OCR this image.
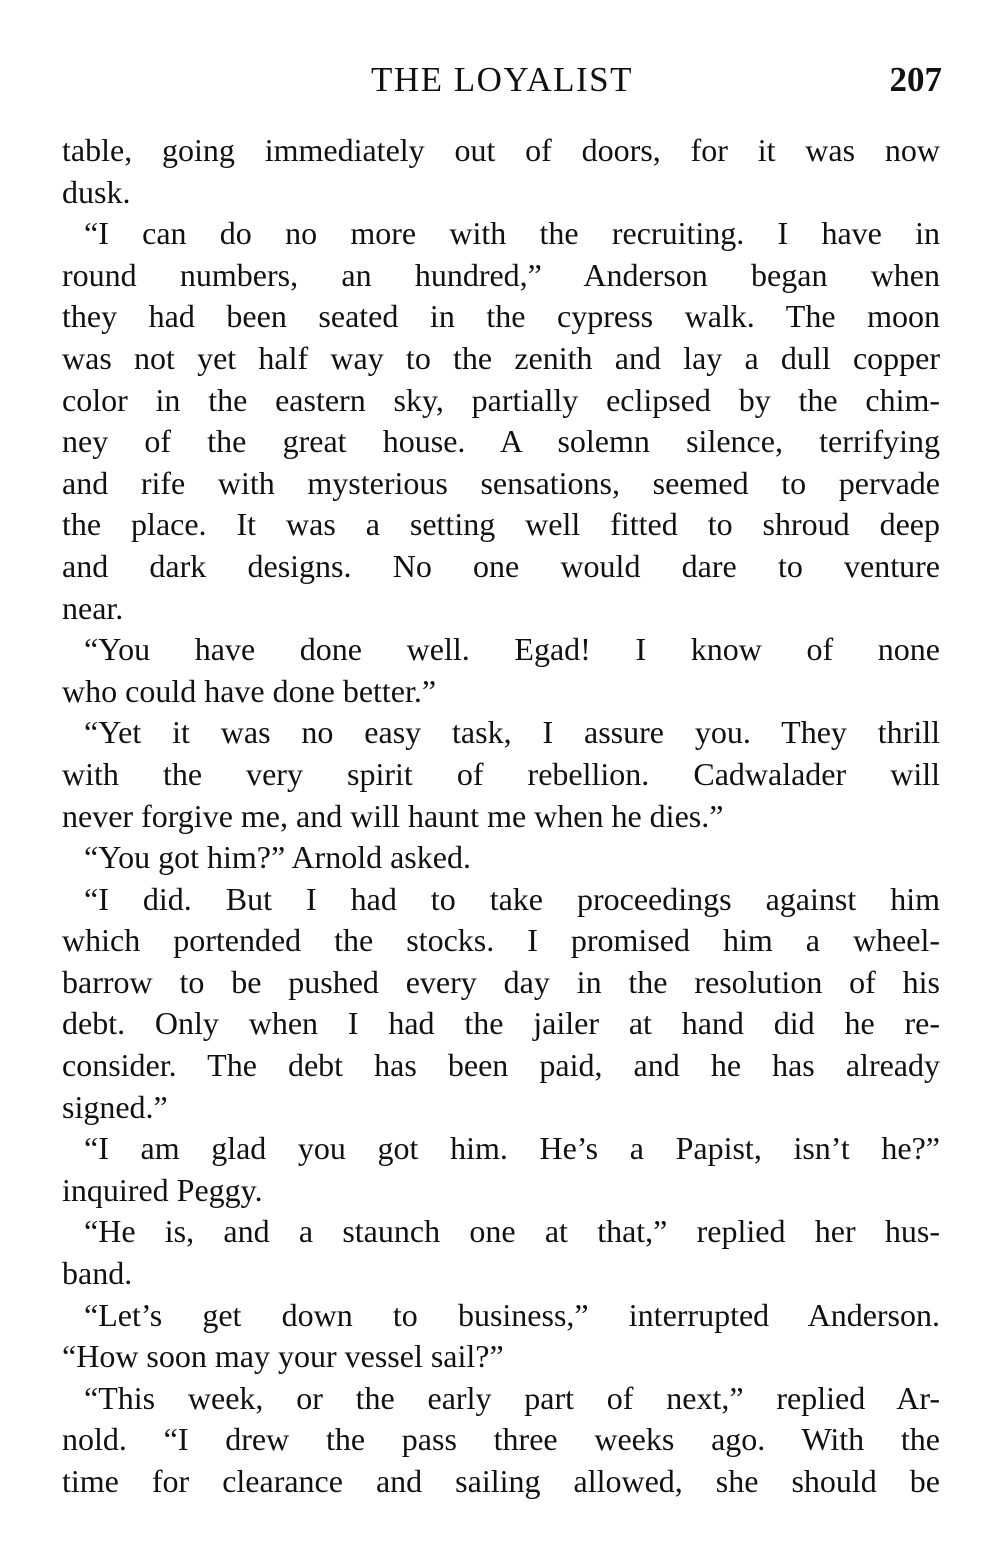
THE LOYALIST	207
table, going immediately out of doors, for it was now
dusk.
“I can do no more with the recruiting. I have in
round numbers, an hundred,” Anderson began when
they had been seated in the cypress walk. The moon
was not yet half way to the zenith and lay a dull copper
color in the eastern sky, partially eclipsed by the chim-
ney of the great house. A solemn silence, terrifying
and rife with mysterious sensations, seemed to pervade
the place. It was a setting well fitted to shroud deep
and dark designs. No one would dare to venture
near.
“You have done well. Egad! I know of none
who could have done better.”
“Yet it was no easy task, I assure you. They thrill
with the very spirit of rebellion. Cadwalader will
never forgive me, and will haunt me when he dies.”
“You got him?” Arnold asked.
“I did. But I had to take proceedings against him
which portended the stocks. I promised him a wheel-
barrow to be pushed every day in the resolution of his
debt. Only when I had the jailer at hand did he re-
consider. The debt has been paid, and he has already
signed.”
“I am glad you got him. He’s a Papist, isn’t he?”
inquired Peggy.
“He is, and a staunch one at that,” replied her hus-
band.
“Let’s get down to business,” interrupted Anderson.
“How soon may your vessel sail?”
“This week, or the early part of next,” replied Ar-
nold. “I drew the pass three weeks ago. With the
time for clearance and sailing allowed, she should be
